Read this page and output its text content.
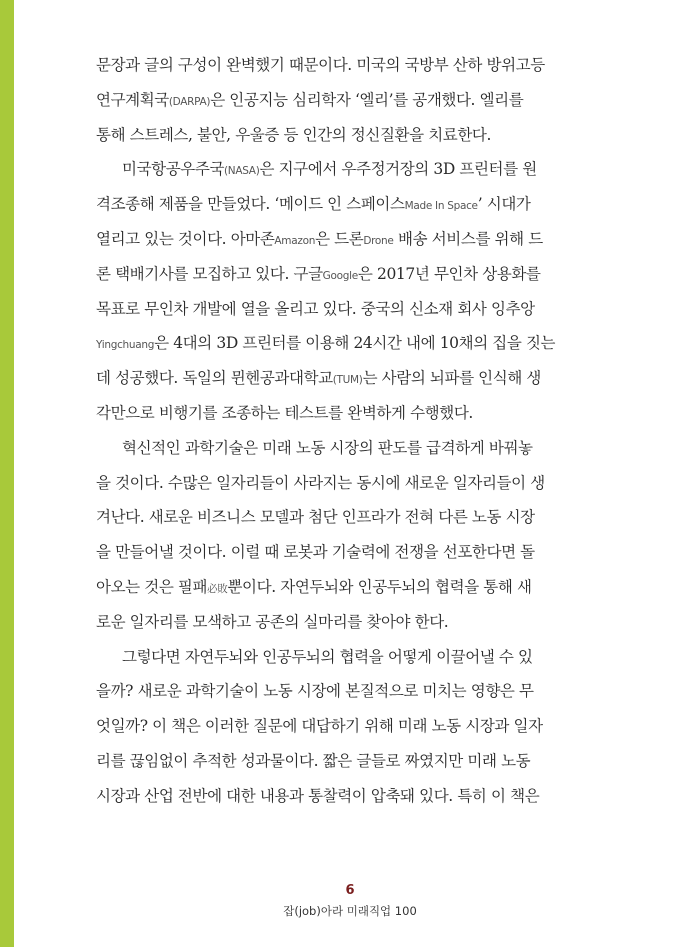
문장과 글의 구성이 완벽했기 때문이다. 미국의 국방부 산하 방위고등
연구계획국(DARPA)은 인공지능 심리학자 ‘엘리’를 공개했다. 엘리를
통해 스트레스, 불안, 우울증 등 인간의 정신질환을 치료한다.
미국항공우주국(NASA)은 지구에서 우주정거장의 3D 프린터를 원
격조종해 제품을 만들었다. ‘메이드 인 스페이스Made In Space’ 시대가
열리고 있는 것이다. 아마존Amazon은 드론Drone 배송 서비스를 위해 드
론 택배기사를 모집하고 있다. 구글Google은 2017년 무인차 상용화를
목표로 무인차 개발에 열을 올리고 있다. 중국의 신소재 회사 잉추앙
Yingchuang은 4대의 3D 프린터를 이용해 24시간 내에 10채의 집을 짓는
데 성공했다. 독일의 뮌헨공과대학교(TUM)는 사람의 뇌파를 인식해 생
각만으로 비행기를 조종하는 테스트를 완벽하게 수행했다.
혁신적인 과학기술은 미래 노동 시장의 판도를 급격하게 바꿔놓
을 것이다. 수많은 일자리들이 사라지는 동시에 새로운 일자리들이 생
겨난다. 새로운 비즈니스 모델과 첨단 인프라가 전혀 다른 노동 시장
을 만들어낼 것이다. 이럴 때 로봇과 기술력에 전쟁을 선포한다면 돌
아오는 것은 필패必敗뿐이다. 자연두뇌와 인공두뇌의 협력을 통해 새
로운 일자리를 모색하고 공존의 실마리를 찾아야 한다.
그렇다면 자연두뇌와 인공두뇌의 협력을 어떻게 이끌어낼 수 있
을까? 새로운 과학기술이 노동 시장에 본질적으로 미치는 영향은 무
엇일까? 이 책은 이러한 질문에 대답하기 위해 미래 노동 시장과 일자
리를 끊임없이 추적한 성과물이다. 짧은 글들로 짜였지만 미래 노동
시장과 산업 전반에 대한 내용과 통찰력이 압축돼 있다. 특히 이 책은
6
잡(job)아라 미래직업 100
